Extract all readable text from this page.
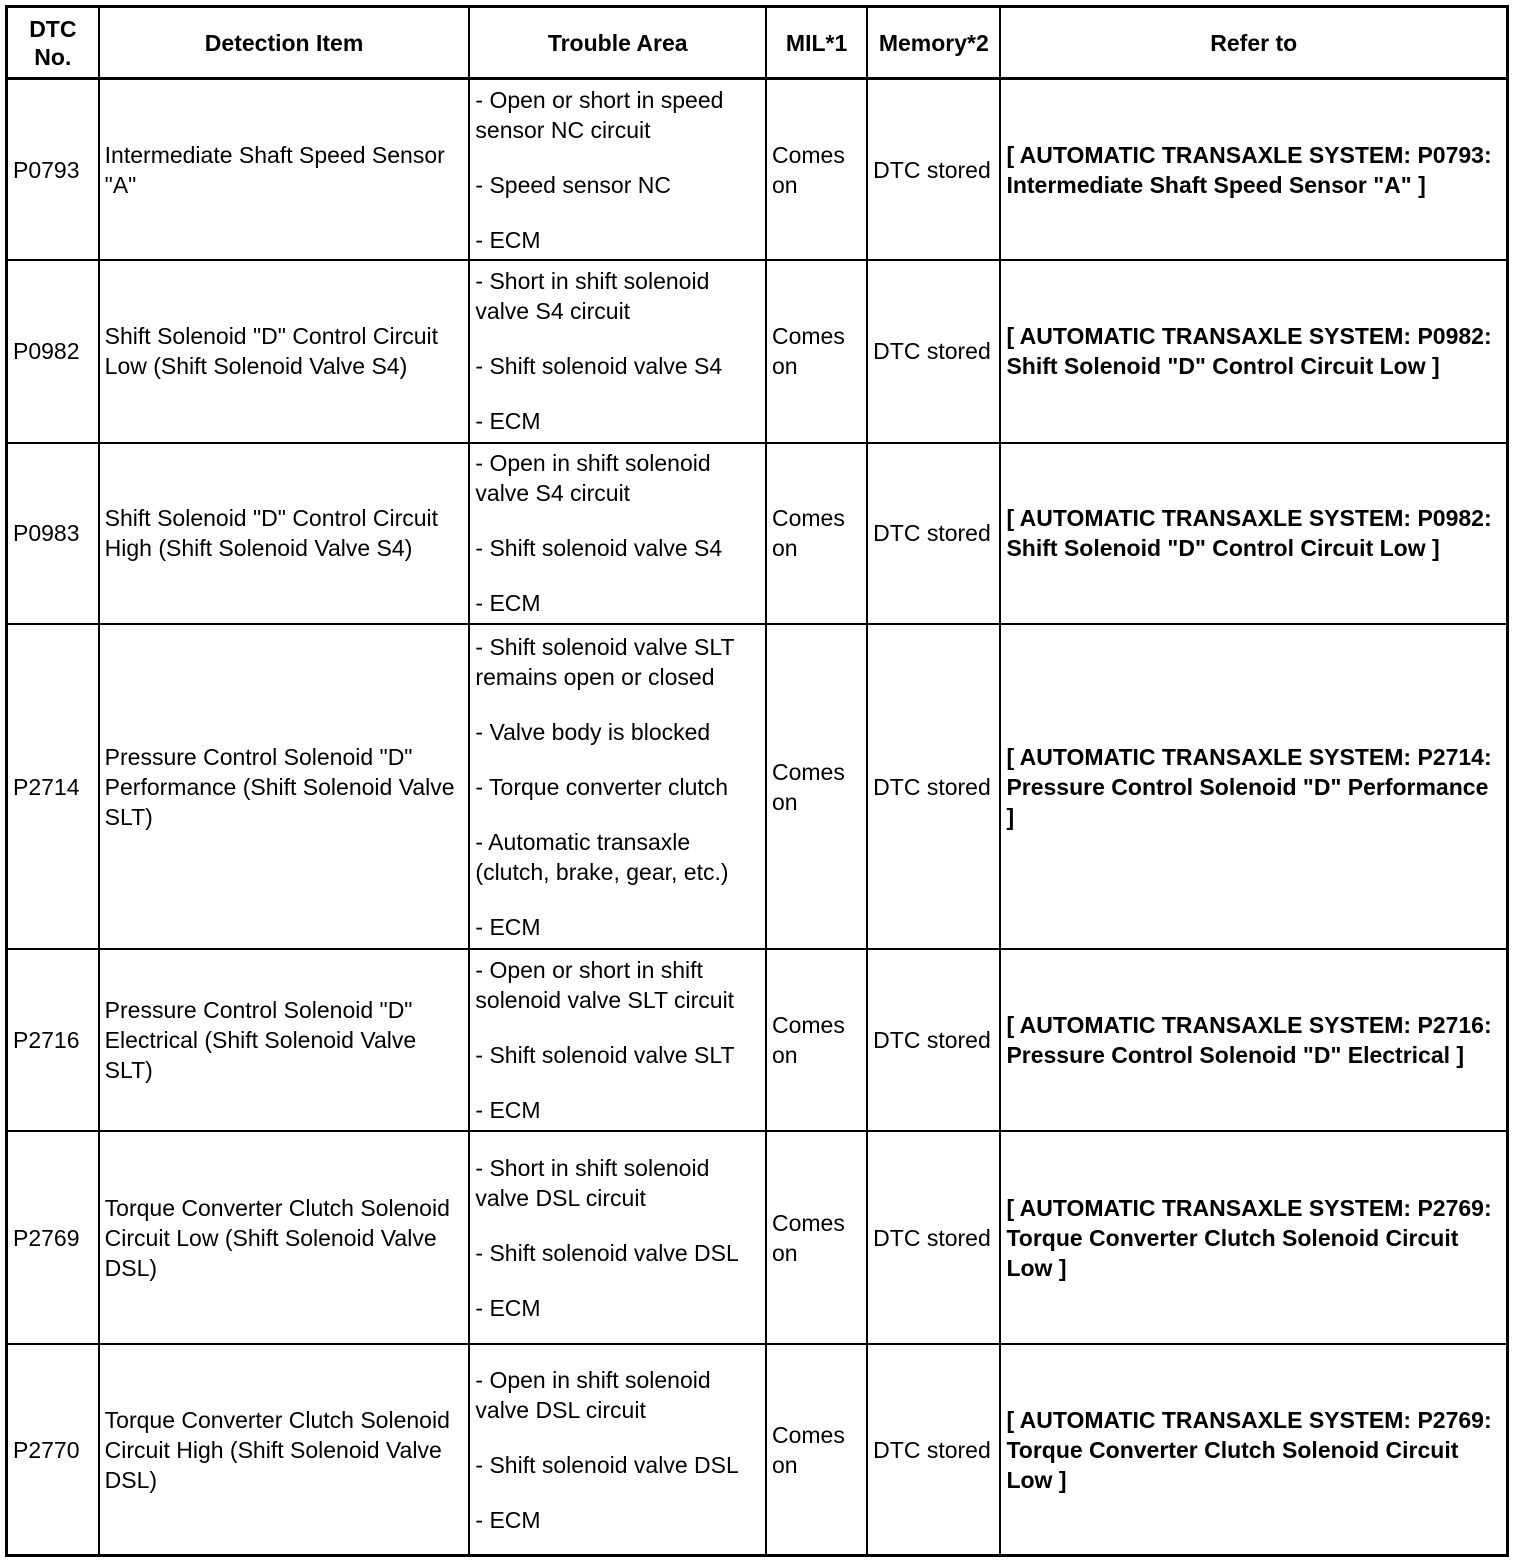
DTC
No.	Detection Item	Trouble Area	MIL*1	Memory*2	Refer to
P0793	Intermediate Shaft Speed Sensor "A"	- Open or short in speed sensor NC circuit
- Speed sensor NC
- ECM	Comes on	DTC stored	[ AUTOMATIC TRANSAXLE SYSTEM: P0793: Intermediate Shaft Speed Sensor "A" ]
P0982	Shift Solenoid "D" Control Circuit Low (Shift Solenoid Valve S4)	- Short in shift solenoid valve S4 circuit
- Shift solenoid valve S4
- ECM	Comes on	DTC stored	[ AUTOMATIC TRANSAXLE SYSTEM: P0982: Shift Solenoid "D" Control Circuit Low ]
P0983	Shift Solenoid "D" Control Circuit High (Shift Solenoid Valve S4)	- Open in shift solenoid valve S4 circuit
- Shift solenoid valve S4
- ECM	Comes on	DTC stored	[ AUTOMATIC TRANSAXLE SYSTEM: P0982: Shift Solenoid "D" Control Circuit Low ]
P2714	Pressure Control Solenoid "D" Performance (Shift Solenoid Valve SLT)	- Shift solenoid valve SLT remains open or closed
- Valve body is blocked
- Torque converter clutch
- Automatic transaxle (clutch, brake, gear, etc.)
- ECM	Comes on	DTC stored	[ AUTOMATIC TRANSAXLE SYSTEM: P2714: Pressure Control Solenoid "D" Performance ]
P2716	Pressure Control Solenoid "D" Electrical (Shift Solenoid Valve SLT)	- Open or short in shift solenoid valve SLT circuit
- Shift solenoid valve SLT
- ECM	Comes on	DTC stored	[ AUTOMATIC TRANSAXLE SYSTEM: P2716: Pressure Control Solenoid "D" Electrical ]
P2769	Torque Converter Clutch Solenoid Circuit Low (Shift Solenoid Valve DSL)	- Short in shift solenoid valve DSL circuit
- Shift solenoid valve DSL
- ECM	Comes on	DTC stored	[ AUTOMATIC TRANSAXLE SYSTEM: P2769: Torque Converter Clutch Solenoid Circuit Low ]
P2770	Torque Converter Clutch Solenoid Circuit High (Shift Solenoid Valve DSL)	- Open in shift solenoid valve DSL circuit
- Shift solenoid valve DSL
- ECM	Comes on	DTC stored	[ AUTOMATIC TRANSAXLE SYSTEM: P2769: Torque Converter Clutch Solenoid Circuit Low ]
